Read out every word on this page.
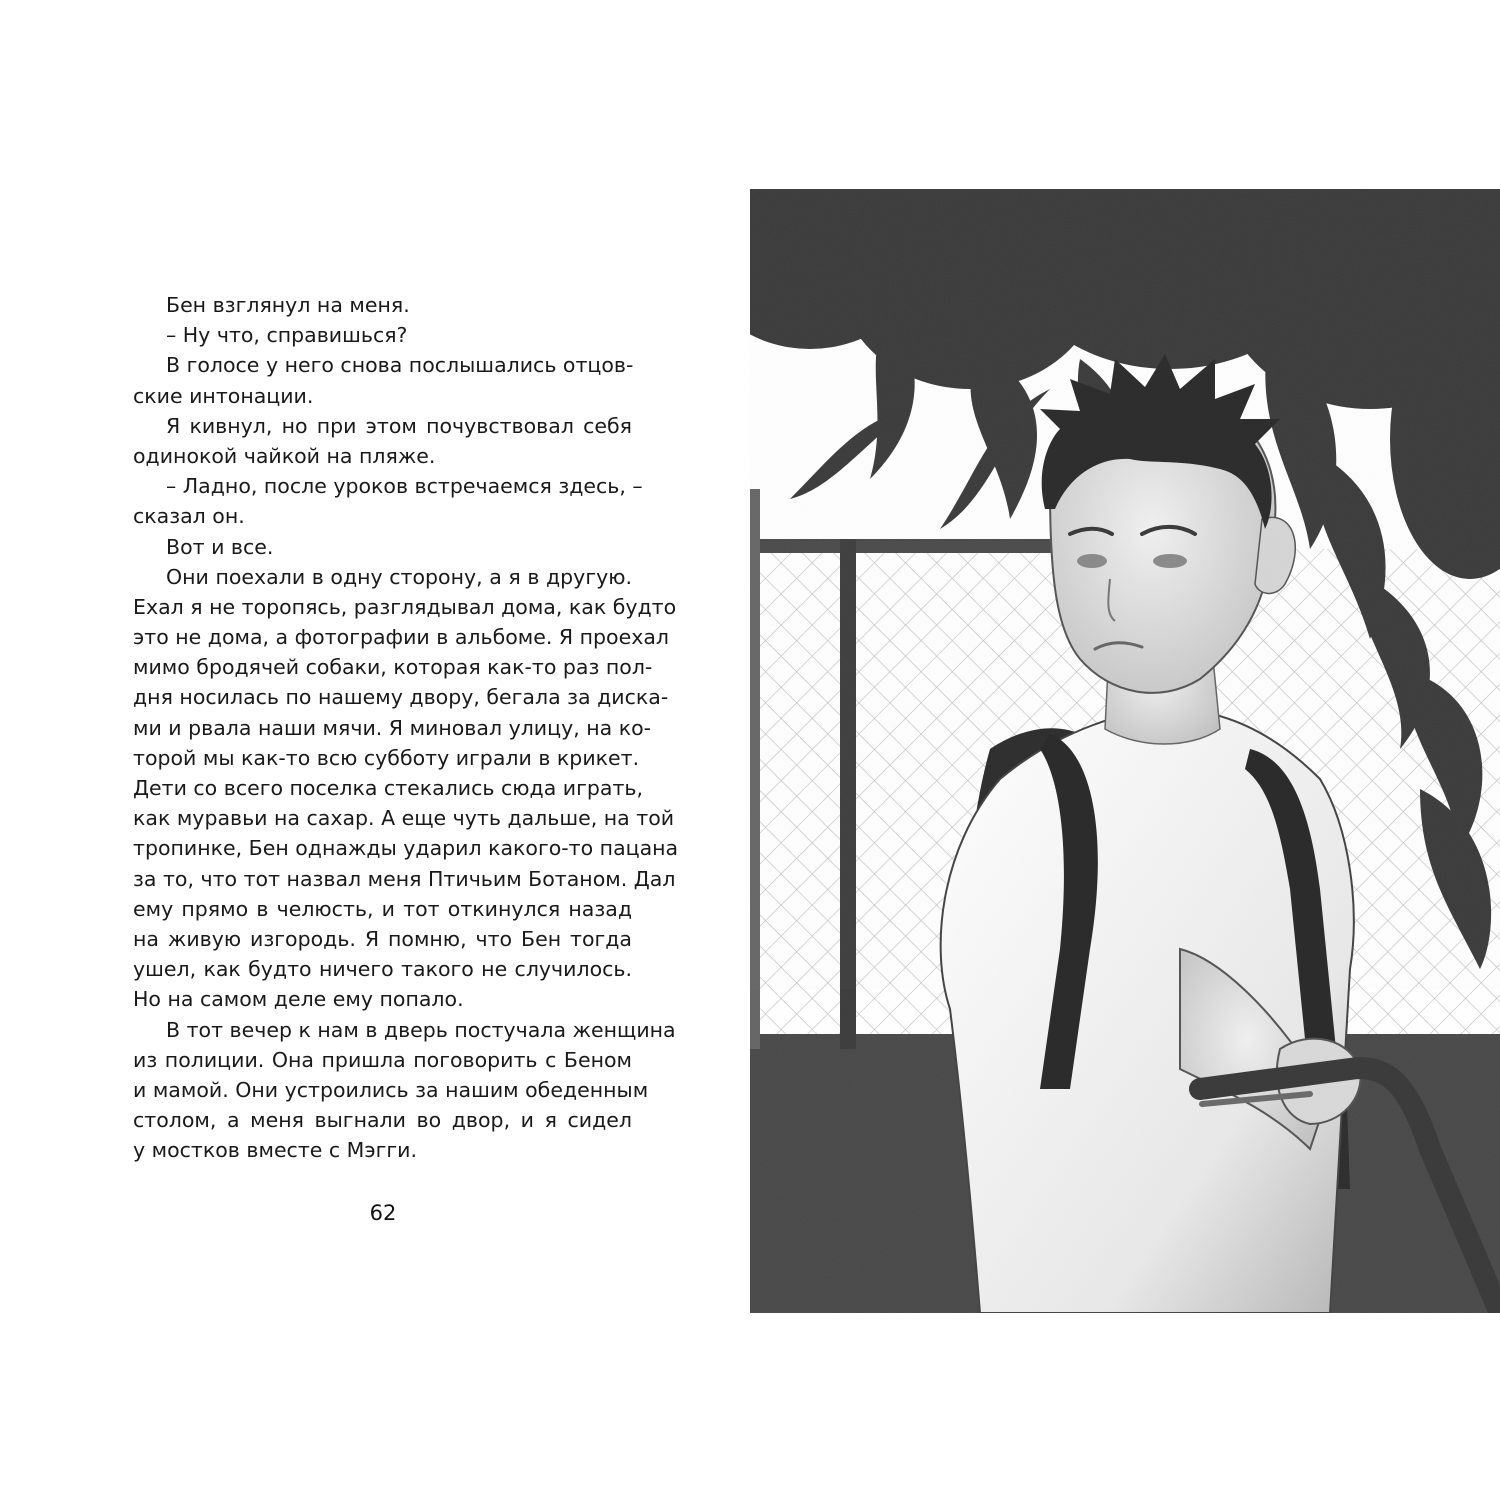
Бен взглянул на меня.
– Ну что, справишься?
В голосе у него снова послышались отцов-
ские интонации.
Я кивнул, но при этом почувствовал себя
одинокой чайкой на пляже.
– Ладно, после уроков встречаемся здесь, –
сказал он.
Вот и все.
Они поехали в одну сторону, а я в другую.
Ехал я не торопясь, разглядывал дома, как будто
это не дома, а фотографии в альбоме. Я проехал
мимо бродячей собаки, которая как-то раз пол-
дня носилась по нашему двору, бегала за диска-
ми и рвала наши мячи. Я миновал улицу, на ко-
торой мы как-то всю субботу играли в крикет.
Дети со всего поселка стекались сюда играть,
как муравьи на сахар. А еще чуть дальше, на той
тропинке, Бен однажды ударил какого-то пацана
за то, что тот назвал меня Птичьим Ботаном. Дал
ему прямо в челюсть, и тот откинулся назад
на живую изгородь. Я помню, что Бен тогда
ушел, как будто ничего такого не случилось.
Но на самом деле ему попало.
В тот вечер к нам в дверь постучала женщина
из полиции. Она пришла поговорить с Беном
и мамой. Они устроились за нашим обеденным
столом, а меня выгнали во двор, и я сидел
у мостков вместе с Мэгги.
62
